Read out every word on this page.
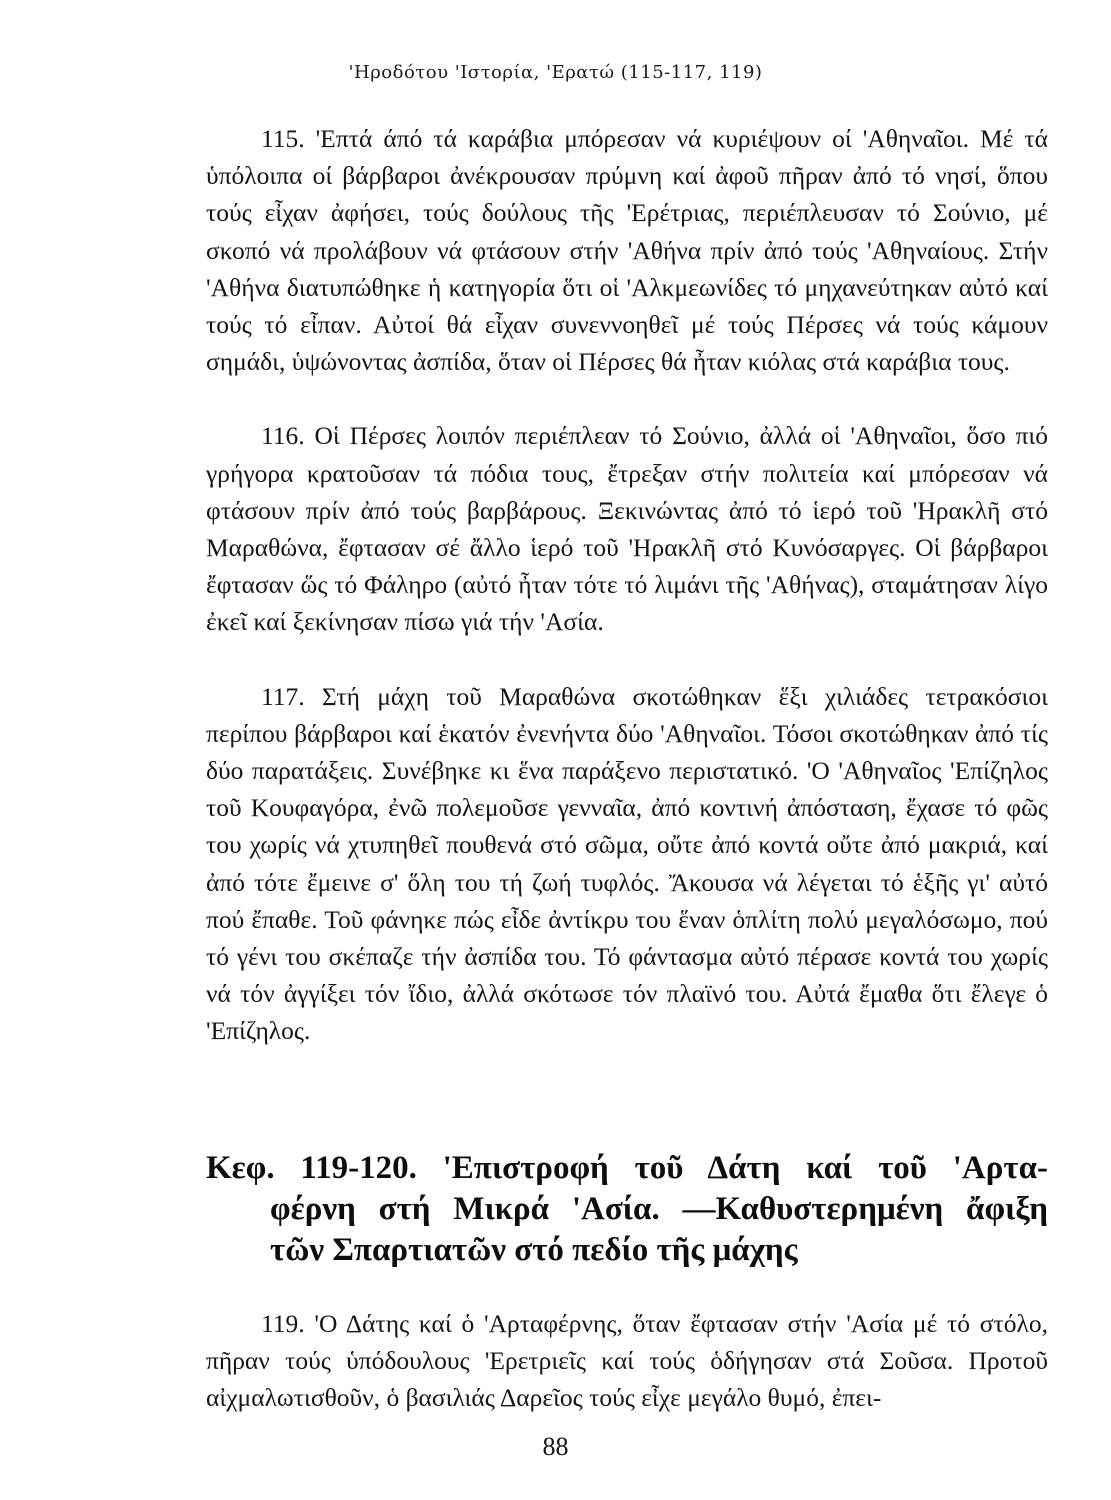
'Ηροδότου 'Ιστορία, 'Ερατώ (115-117, 119)

115. 'Επτά άπό τά καράβια μπόρεσαν νά κυριέψουν οί 'Αθηναῖοι. Μέ τά ὑπόλοιπα οί βάρβαροι ἀνέκρουσαν πρύμνη καί ἀφοῦ πῆραν ἀπό τό νησί, ὅπου τούς εἶχαν ἀφήσει, τούς δούλους τῆς 'Ερέτριας, περιέπλευσαν τό Σούνιο, μέ σκοπό νά προλάβουν νά φτάσουν στήν 'Αθήνα πρίν ἀπό τούς 'Αθηναίους. Στήν 'Αθήνα διατυπώθηκε ἡ κατηγορία ὅτι οἱ 'Αλκμεωνίδες τό μηχανεύτηκαν αὐτό καί τούς τό εἶπαν. Αὐτοί θά εἶχαν συνεννοηθεῖ μέ τούς Πέρσες νά τούς κάμουν σημάδι, ὑψώνοντας ἀσπίδα, ὅταν οἱ Πέρσες θά ἦταν κιόλας στά καράβια τους.

116. Οἱ Πέρσες λοιπόν περιέπλεαν τό Σούνιο, ἀλλά οἱ 'Αθηναῖοι, ὅσο πιό γρήγορα κρατοῦσαν τά πόδια τους, ἔτρεξαν στήν πολιτεία καί μπόρεσαν νά φτάσουν πρίν ἀπό τούς βαρβάρους. Ξεκινώντας ἀπό τό ἱερό τοῦ 'Ηρακλῆ στό Μαραθώνα, ἔφτασαν σέ ἄλλο ἱερό τοῦ 'Ηρακλῆ στό Κυνόσαργες. Οἱ βάρβαροι ἔφτασαν ὥς τό Φάληρο (αὐτό ἦταν τότε τό λιμάνι τῆς 'Αθήνας), σταμάτησαν λίγο ἐκεῖ καί ξεκίνησαν πίσω γιά τήν 'Ασία.

117. Στή μάχη τοῦ Μαραθώνα σκοτώθηκαν ἕξι χιλιάδες τετρακόσιοι περίπου βάρβαροι καί ἑκατόν ἐνενήντα δύο 'Αθηναῖοι. Τόσοι σκοτώθηκαν ἀπό τίς δύο παρατάξεις. Συνέβηκε κι ἕνα παράξενο περιστατικό. 'Ο 'Αθηναῖος 'Επίζηλος τοῦ Κουφαγόρα, ἐνῶ πολεμοῦσε γενναῖα, ἀπό κοντινή ἀπόσταση, ἔχασε τό φῶς του χωρίς νά χτυπηθεῖ πουθενά στό σῶμα, οὔτε ἀπό κοντά οὔτε ἀπό μακριά, καί ἀπό τότε ἔμεινε σ' ὅλη του τή ζωή τυφλός. Ἄκουσα νά λέγεται τό ἑξῆς γι' αὐτό πού ἔπαθε. Τοῦ φάνηκε πώς εἶδε ἀντίκρυ του ἕναν ὁπλίτη πολύ μεγαλόσωμο, πού τό γένι του σκέπαζε τήν ἀσπίδα του. Τό φάντασμα αὐτό πέρασε κοντά του χωρίς νά τόν ἀγγίξει τόν ἴδιο, ἀλλά σκότωσε τόν πλαϊνό του. Αὐτά ἔμαθα ὅτι ἔλεγε ὁ 'Επίζηλος.

Κεφ. 119-120. 'Επιστροφή τοῦ Δάτη καί τοῦ 'Αρτα-
φέρνη στή Μικρά 'Ασία. —Καθυστερημένη ἄφιξη
τῶν Σπαρτιατῶν στό πεδίο τῆς μάχης

119. 'Ο Δάτης καί ὁ 'Αρταφέρνης, ὅταν ἔφτασαν στήν 'Ασία μέ τό στόλο, πῆραν τούς ὑπόδουλους 'Ερετριεῖς καί τούς ὁδήγησαν στά Σοῦσα. Προτοῦ αἰχμαλωτισθοῦν, ὁ βασιλιάς Δαρεῖος τούς εἶχε μεγάλο θυμό, ἐπει-

88
